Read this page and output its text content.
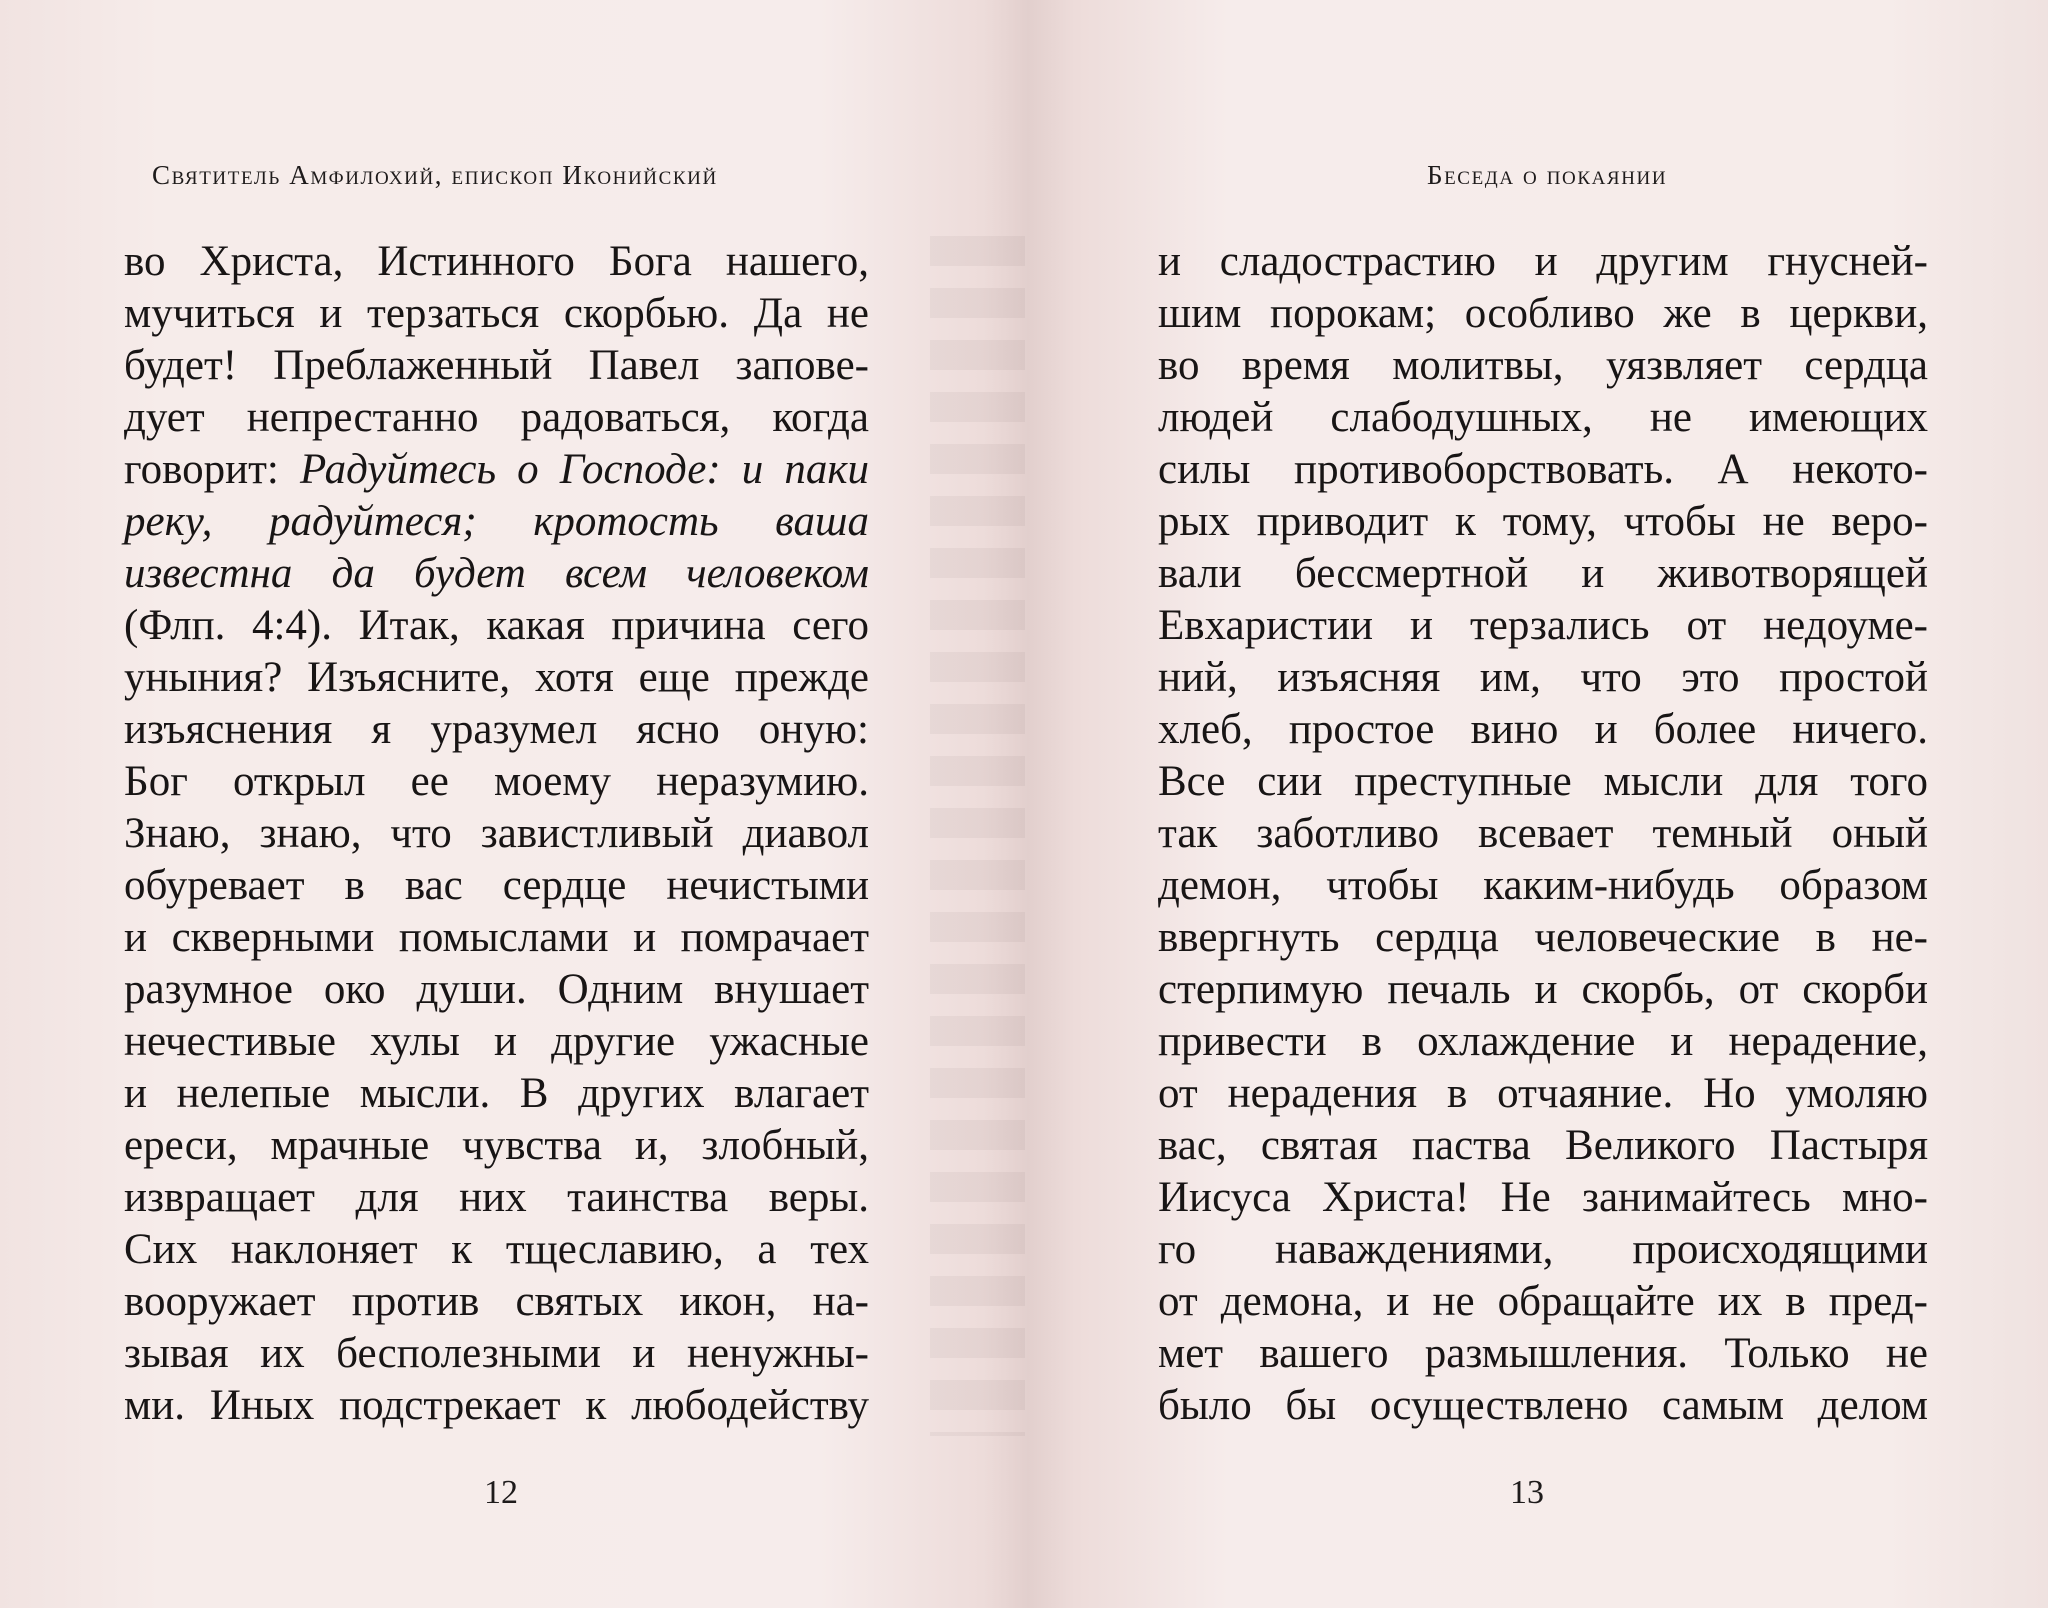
Святитель Амфилохий, епископ Иконийский
во Христа, Истинного Бога нашего,
мучиться и терзаться скорбью. Да не
будет! Преблаженный Павел запове-
дует непрестанно радоваться, когда
говорит: Радуйтесь о Господе: и паки
реку, радуйтеся; кротость ваша
известна да будет всем человеком
(Флп. 4:4). Итак, какая причина сего
уныния? Изъясните, хотя еще прежде
изъяснения я уразумел ясно оную:
Бог открыл ее моему неразумию.
Знаю, знаю, что завистливый диавол
обуревает в вас сердце нечистыми
и скверными помыслами и помрачает
разумное око души. Одним внушает
нечестивые хулы и другие ужасные
и нелепые мысли. В других влагает
ереси, мрачные чувства и, злобный,
извращает для них таинства веры.
Сих наклоняет к тщеславию, а тех
вооружает против святых икон, на-
зывая их бесполезными и ненужны-
ми. Иных подстрекает к любодейству
12
Беседа о покаянии
и сладострастию и другим гнусней-
шим порокам; особливо же в церкви,
во время молитвы, уязвляет сердца
людей слабодушных, не имеющих
силы противоборствовать. А некото-
рых приводит к тому, чтобы не веро-
вали бессмертной и животворящей
Евхаристии и терзались от недоуме-
ний, изъясняя им, что это простой
хлеб, простое вино и более ничего.
Все сии преступные мысли для того
так заботливо всевает темный оный
демон, чтобы каким-нибудь образом
ввергнуть сердца человеческие в не-
стерпимую печаль и скорбь, от скорби
привести в охлаждение и нерадение,
от нерадения в отчаяние. Но умоляю
вас, святая паства Великого Пастыря
Иисуса Христа! Не занимайтесь мно-
го наваждениями, происходящими
от демона, и не обращайте их в пред-
мет вашего размышления. Только не
было бы осуществлено самым делом
13
